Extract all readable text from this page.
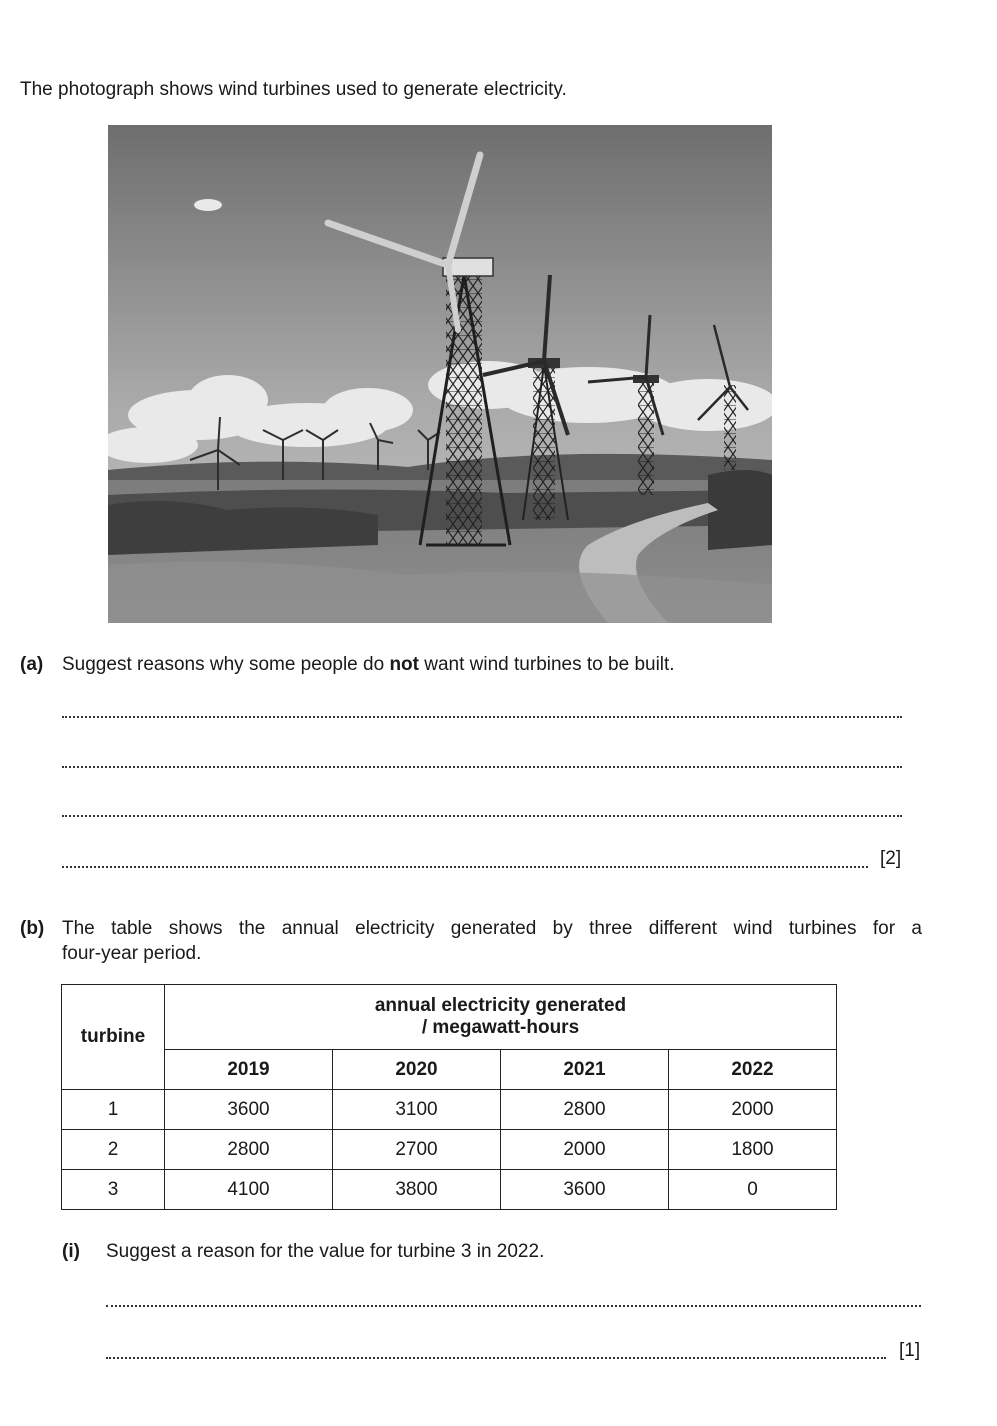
The photograph shows wind turbines used to generate electricity.
(a) Suggest reasons why some people do not want wind turbines to be built.
[2]
(b) The table shows the annual electricity generated by three different wind turbines for a
four-year period.
turbine	annual electricity generated
/ megawatt-hours			

	2019	2020	2021	2022
1	3600	3100	2800	2000
2	2800	2700	2000	1800
3	4100	3800	3600	0
(i) Suggest a reason for the value for turbine 3 in 2022.
[1]
